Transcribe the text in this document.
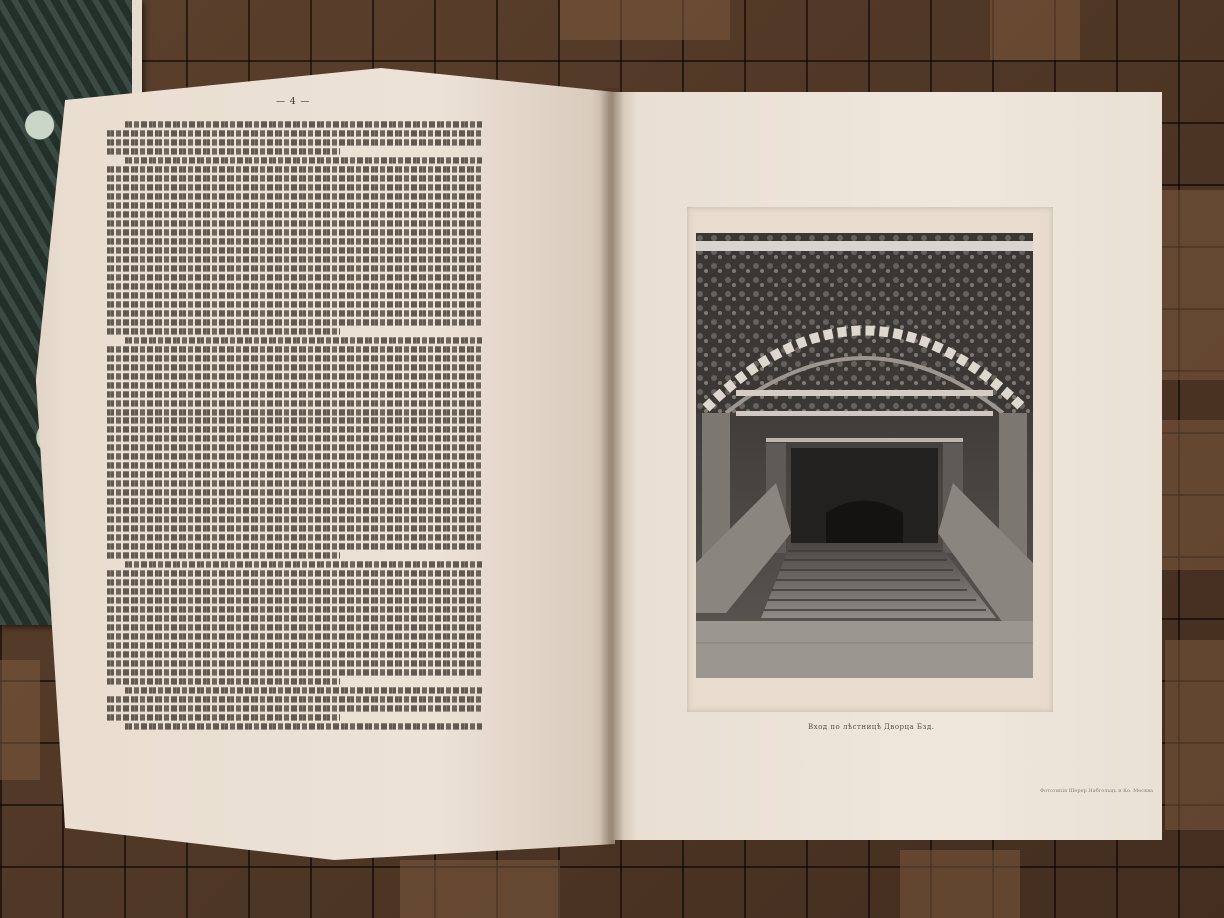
— 4 —
Вход по лѣстницѣ Дворца Бзд.
Фототипія Шерер Набгольцъ и Ко. Москва
